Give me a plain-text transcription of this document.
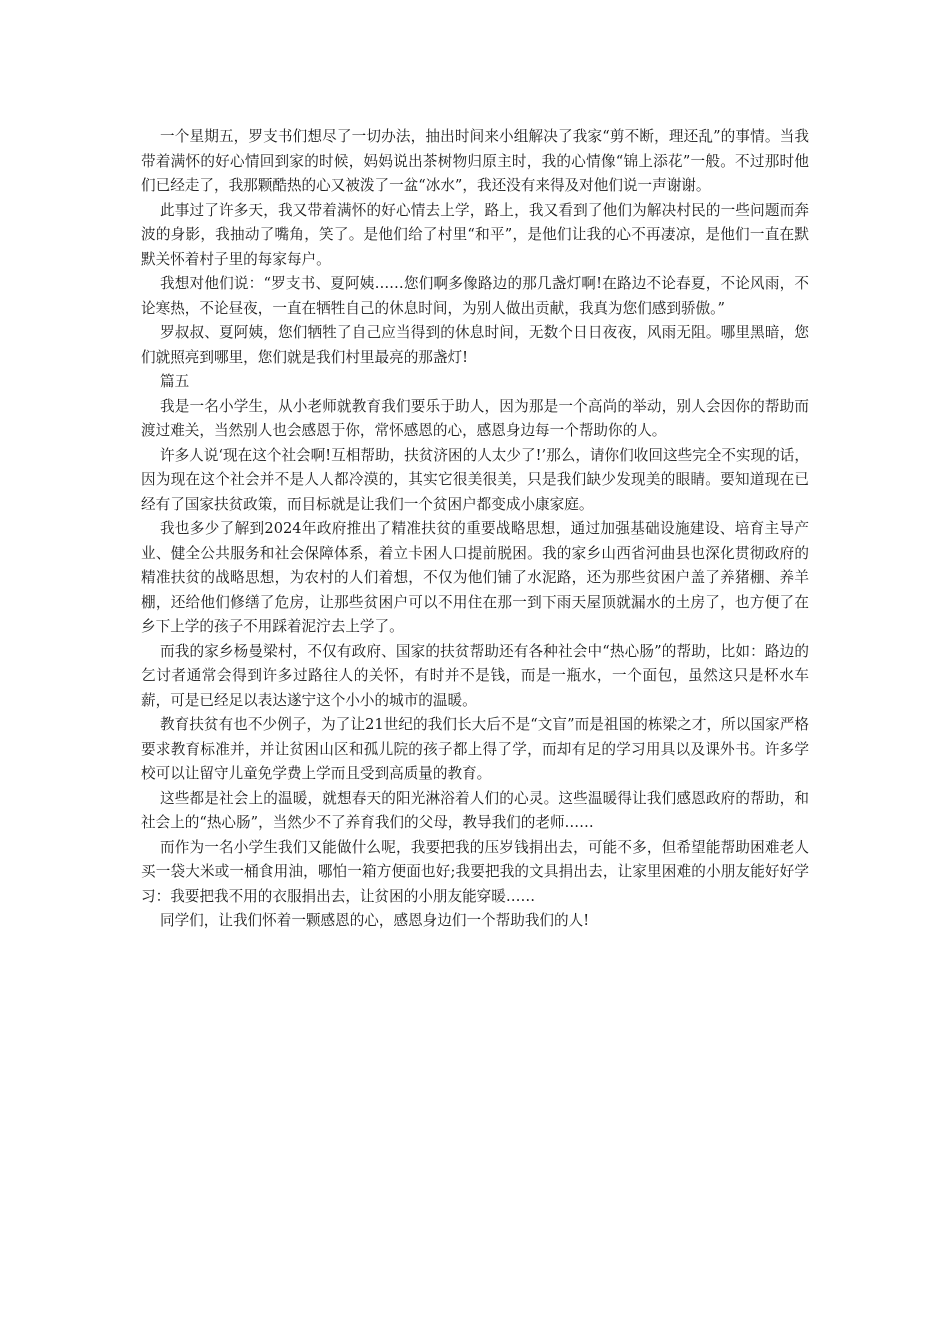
一个星期五，罗支书们想尽了一切办法，抽出时间来小组解决了我家“剪不断，理还乱”的事情。当我带着满怀的好心情回到家的时候，妈妈说出茶树物归原主时，我的心情像“锦上添花”一般。不过那时他们已经走了，我那颗酷热的心又被泼了一盆“冰水”，我还没有来得及对他们说一声谢谢。

此事过了许多天，我又带着满怀的好心情去上学，路上，我又看到了他们为解决村民的一些问题而奔波的身影，我抽动了嘴角，笑了。是他们给了村里“和平”，是他们让我的心不再凄凉，是他们一直在默默关怀着村子里的每家每户。

我想对他们说：“罗支书、夏阿姨……您们啊多像路边的那几盏灯啊!在路边不论春夏，不论风雨，不论寒热，不论昼夜，一直在牺牲自己的休息时间，为别人做出贡献，我真为您们感到骄傲。”

罗叔叔、夏阿姨，您们牺牲了自己应当得到的休息时间，无数个日日夜夜，风雨无阻。哪里黑暗，您们就照亮到哪里，您们就是我们村里最亮的那盏灯!

篇五

我是一名小学生，从小老师就教育我们要乐于助人，因为那是一个高尚的举动，别人会因你的帮助而渡过难关，当然别人也会感恩于你，常怀感恩的心，感恩身边每一个帮助你的人。

许多人说‘现在这个社会啊!互相帮助，扶贫济困的人太少了!’那么，请你们收回这些完全不实现的话，因为现在这个社会并不是人人都冷漠的，其实它很美很美，只是我们缺少发现美的眼睛。要知道现在已经有了国家扶贫政策，而目标就是让我们一个贫困户都变成小康家庭。

我也多少了解到2024年政府推出了精准扶贫的重要战略思想，通过加强基础设施建设、培育主导产业、健全公共服务和社会保障体系，着立卡困人口提前脱困。我的家乡山西省河曲县也深化贯彻政府的精准扶贫的战略思想，为农村的人们着想，不仅为他们铺了水泥路，还为那些贫困户盖了养猪棚、养羊棚，还给他们修缮了危房，让那些贫困户可以不用住在那一到下雨天屋顶就漏水的土房了，也方便了在乡下上学的孩子不用踩着泥泞去上学了。

而我的家乡杨曼梁村，不仅有政府、国家的扶贫帮助还有各种社会中“热心肠”的帮助，比如：路边的乞讨者通常会得到许多过路往人的关怀，有时并不是钱，而是一瓶水，一个面包，虽然这只是杯水车薪，可是已经足以表达遂宁这个小小的城市的温暖。

教育扶贫有也不少例子，为了让21世纪的我们长大后不是“文盲”而是祖国的栋梁之才，所以国家严格要求教育标准并，并让贫困山区和孤儿院的孩子都上得了学，而却有足的学习用具以及课外书。许多学校可以让留守儿童免学费上学而且受到高质量的教育。

这些都是社会上的温暖，就想春天的阳光淋浴着人们的心灵。这些温暖得让我们感恩政府的帮助，和社会上的“热心肠”，当然少不了养育我们的父母，教导我们的老师……

而作为一名小学生我们又能做什么呢，我要把我的压岁钱捐出去，可能不多，但希望能帮助困难老人买一袋大米或一桶食用油，哪怕一箱方便面也好;我要把我的文具捐出去，让家里困难的小朋友能好好学习：我要把我不用的衣服捐出去，让贫困的小朋友能穿暖……

同学们，让我们怀着一颗感恩的心，感恩身边们一个帮助我们的人!
